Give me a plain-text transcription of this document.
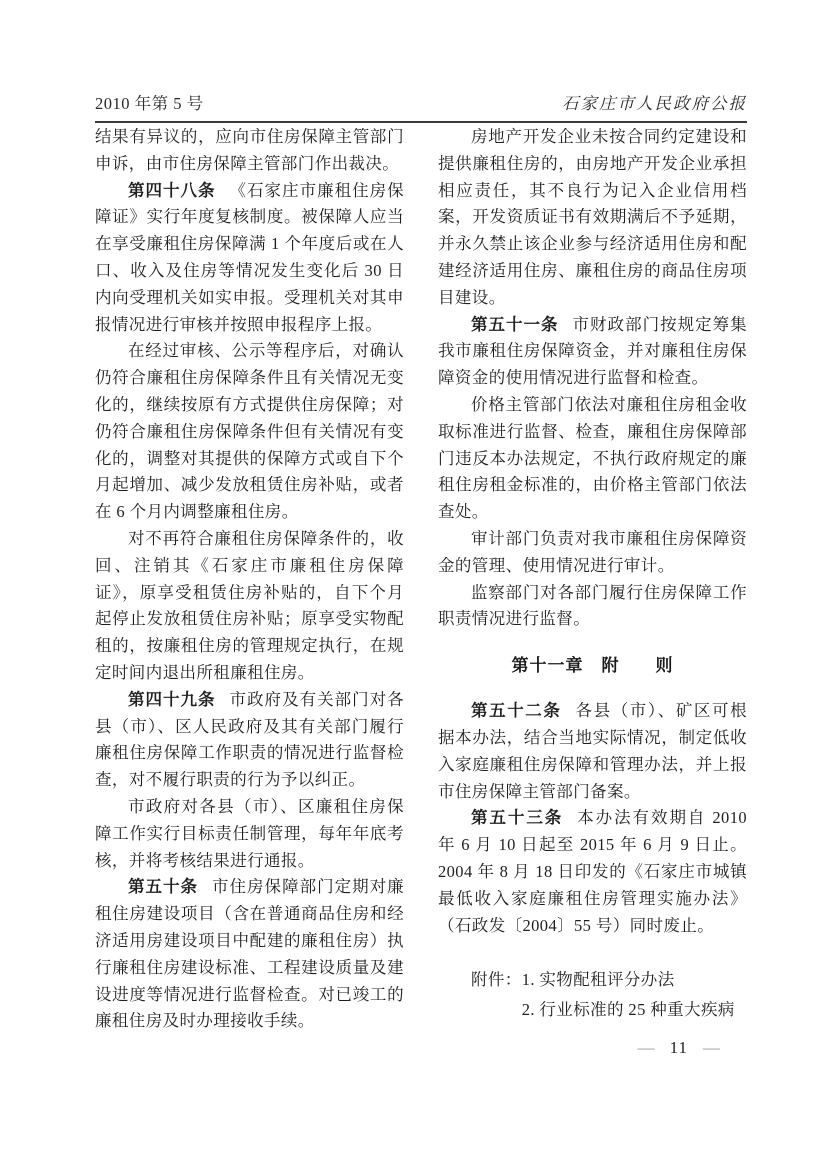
2010 年第 5 号	石家庄市人民政府公报

结果有异议的，应向市住房保障主管部门申诉，由市住房保障主管部门作出裁决。

第四十八条 《石家庄市廉租住房保障证》实行年度复核制度。被保障人应当在享受廉租住房保障满 1 个年度后或在人口、收入及住房等情况发生变化后 30 日内向受理机关如实申报。受理机关对其申报情况进行审核并按照申报程序上报。

在经过审核、公示等程序后，对确认仍符合廉租住房保障条件且有关情况无变化的，继续按原有方式提供住房保障；对仍符合廉租住房保障条件但有关情况有变化的，调整对其提供的保障方式或自下个月起增加、减少发放租赁住房补贴，或者在 6 个月内调整廉租住房。

对不再符合廉租住房保障条件的，收回、注销其《石家庄市廉租住房保障证》，原享受租赁住房补贴的，自下个月起停止发放租赁住房补贴；原享受实物配租的，按廉租住房的管理规定执行，在规定时间内退出所租廉租住房。

第四十九条 市政府及有关部门对各县（市）、区人民政府及其有关部门履行廉租住房保障工作职责的情况进行监督检查，对不履行职责的行为予以纠正。

市政府对各县（市）、区廉租住房保障工作实行目标责任制管理，每年年底考核，并将考核结果进行通报。

第五十条 市住房保障部门定期对廉租住房建设项目（含在普通商品住房和经济适用房建设项目中配建的廉租住房）执行廉租住房建设标准、工程建设质量及建设进度等情况进行监督检查。对已竣工的廉租住房及时办理接收手续。

房地产开发企业未按合同约定建设和提供廉租住房的，由房地产开发企业承担相应责任，其不良行为记入企业信用档案，开发资质证书有效期满后不予延期，并永久禁止该企业参与经济适用住房和配建经济适用住房、廉租住房的商品住房项目建设。

第五十一条 市财政部门按规定筹集我市廉租住房保障资金，并对廉租住房保障资金的使用情况进行监督和检查。

价格主管部门依法对廉租住房租金收取标准进行监督、检查，廉租住房保障部门违反本办法规定，不执行政府规定的廉租住房租金标准的，由价格主管部门依法查处。

审计部门负责对我市廉租住房保障资金的管理、使用情况进行审计。

监察部门对各部门履行住房保障工作职责情况进行监督。

第十一章　附　　则

第五十二条 各县（市）、矿区可根据本办法，结合当地实际情况，制定低收入家庭廉租住房保障和管理办法，并上报市住房保障主管部门备案。

第五十三条 本办法有效期自 2010 年 6 月 10 日起至 2015 年 6 月 9 日止。2004 年 8 月 18 日印发的《石家庄市城镇最低收入家庭廉租住房管理实施办法》（石政发〔2004〕55 号）同时废止。

附件： 1. 实物配租评分办法
2. 行业标准的 25 种重大疾病
— 11 —
